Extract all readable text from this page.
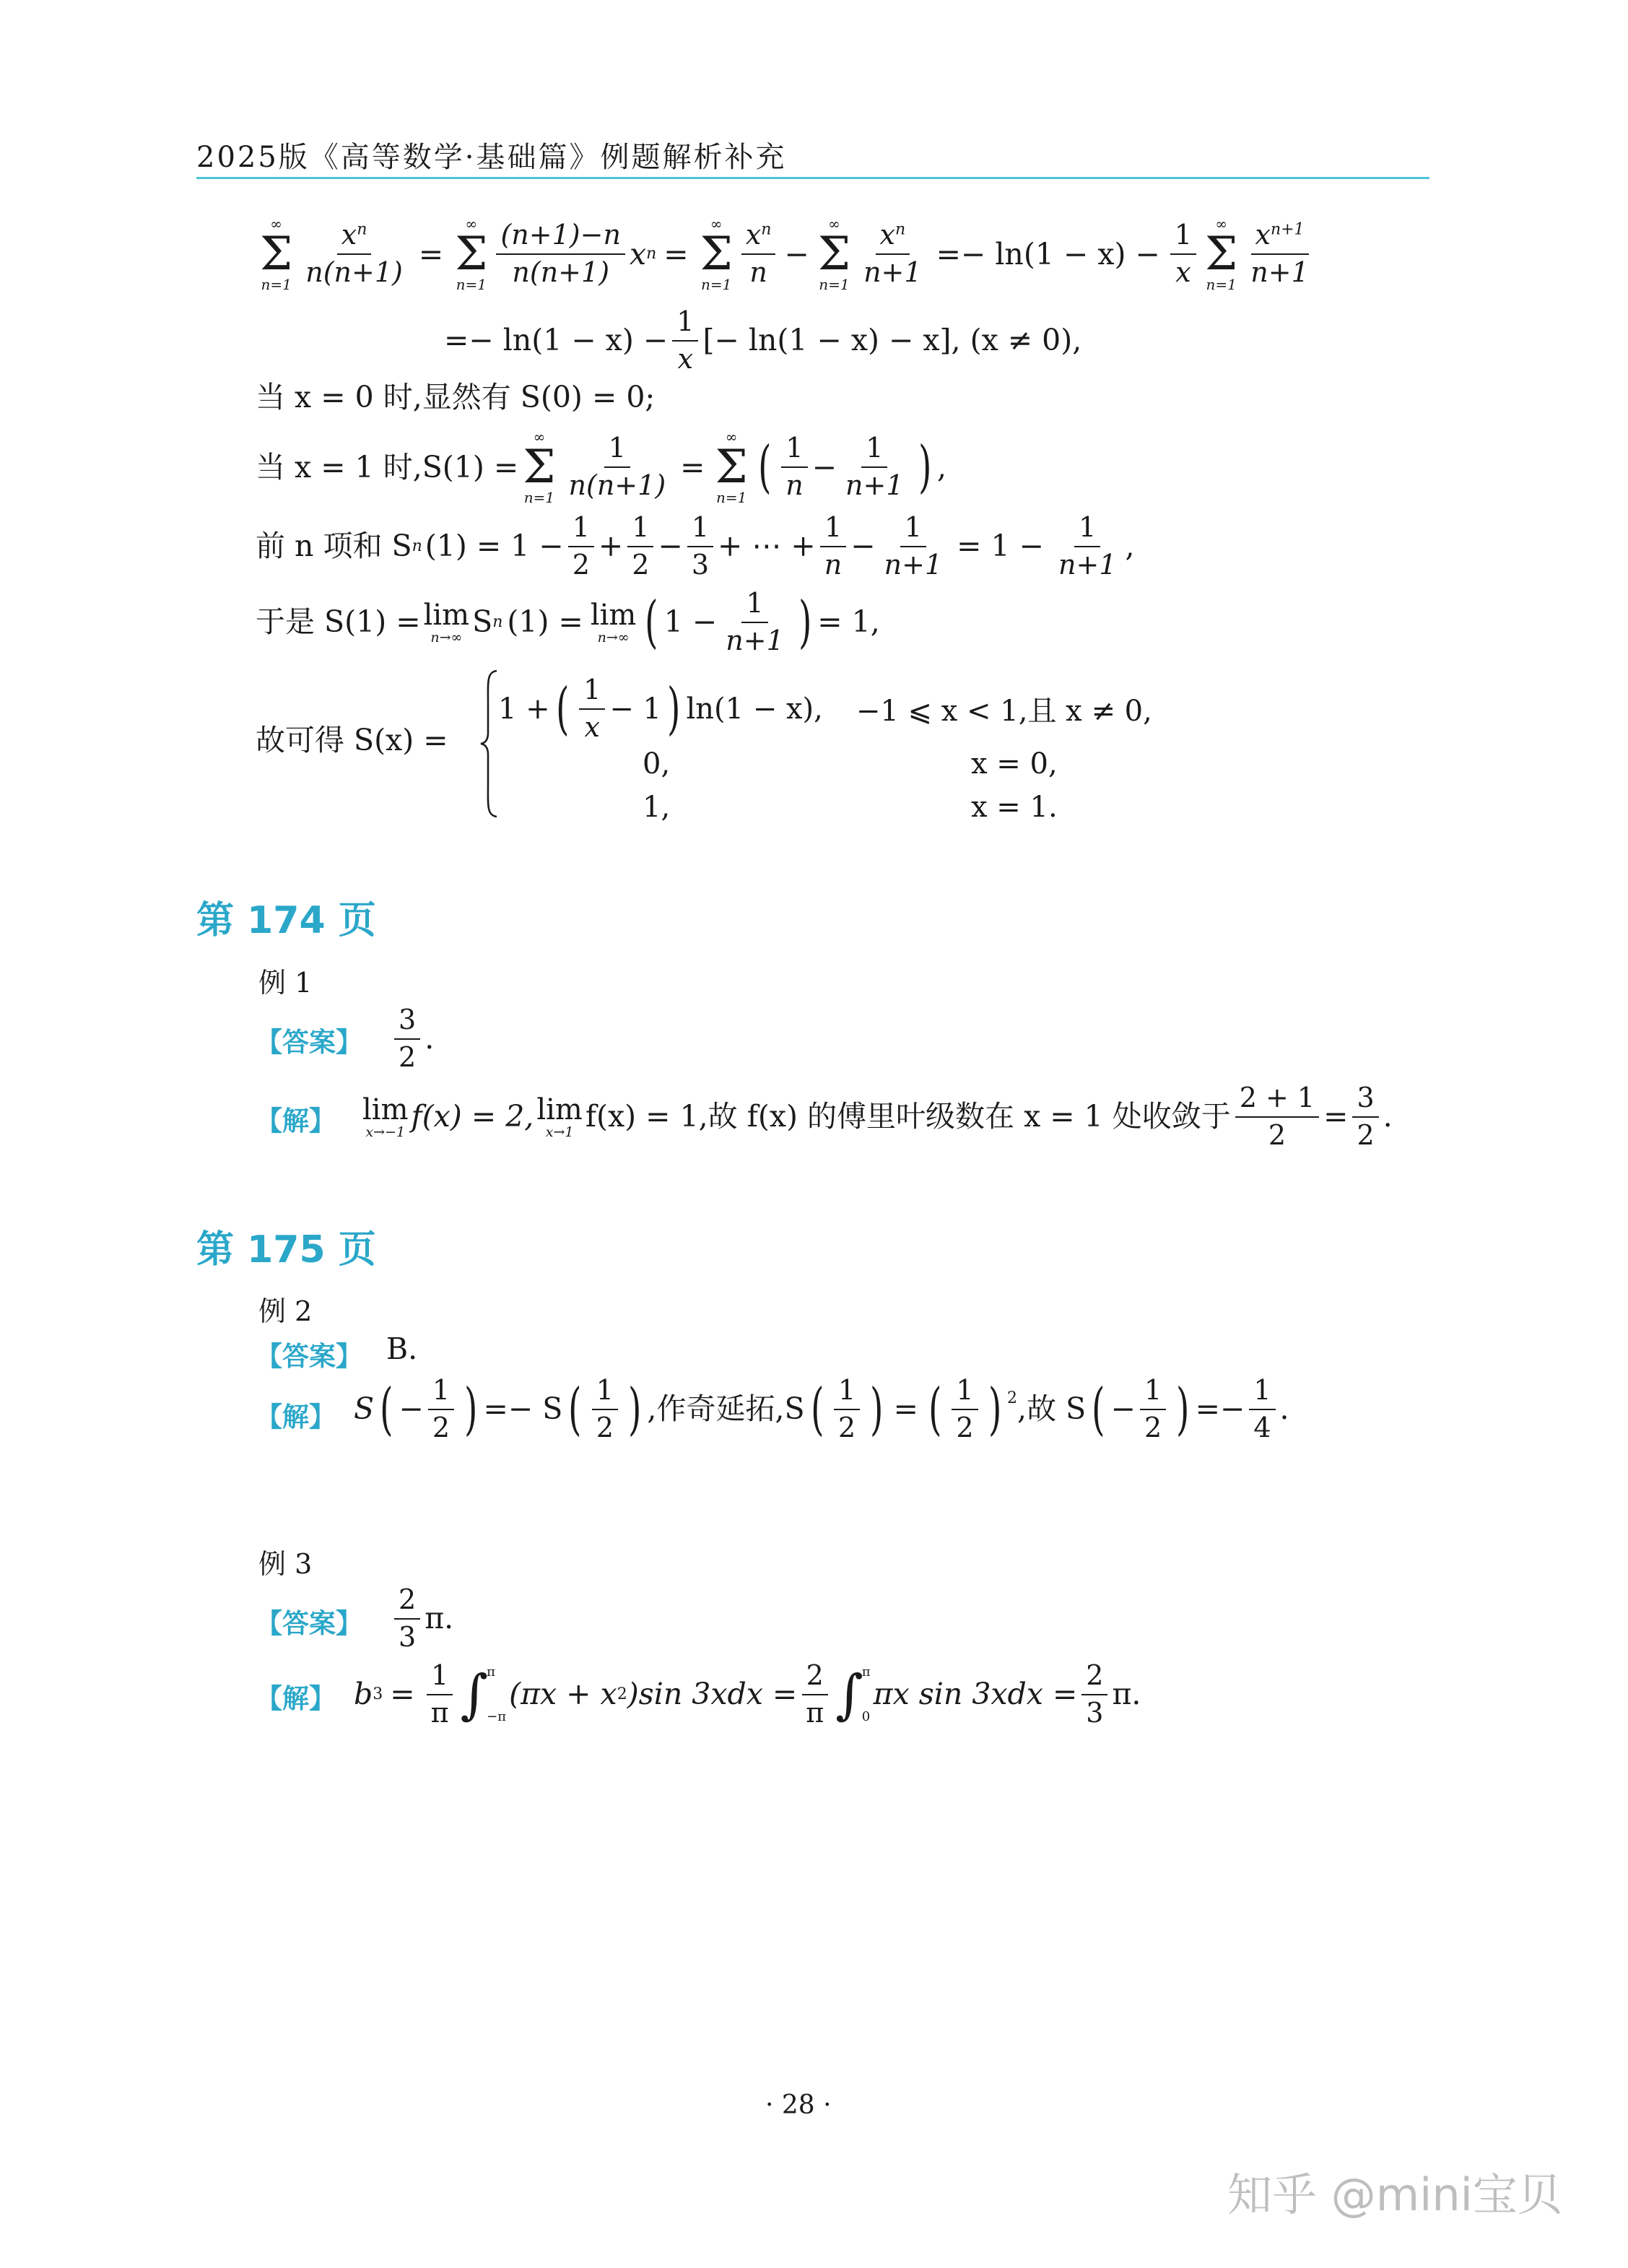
2025版《高等数学·基础篇》例题解析补充
∞
Σ
$n=1 \frac{x^n}{n(n+1)}$ =
∞
Σ
$n=1 \frac{(n+1)-n}{n(n+1)}$ x n =
∞
Σ
$n=1 \frac{x^n}{n}$ −
∞
Σ
$n=1 \frac{x^n}{n+1} =- \ln(1 - x) - \frac{1}{x}$ ∞
Σ
$n=1 \frac{x^{n+1}}{n+1}$
=− $\ln(1 - x) - \frac{1}{x}$ [− ln(1 − x) − x], (x ≠ 0),
当 x = 0 时,显然有 S(0) = 0;
当 x = 1 时,S(1) =
∞
Σ
$n=1 \frac{1}{n(n+1)}$ =
∞
Σ
n=1 ( $\frac{1}{n} - \frac{1}{n+1}$ ) ,
前 n 项和 S n $(1) = 1 - \frac{1}{2} + \frac{1}{2} - \frac{1}{3}$ + ⋯ + $\frac{1}{n} - \frac{1}{n+1} = 1 - \frac{1}{n+1}$ ,
于是 S(1) = lim
n→∞ S n (1) = lim
n→∞ ( $1 - \frac{1}{n+1}$ ) = 1,
故可得 S(x) =
1 + ( $\frac{1}{x} - 1$ ) ln(1 − x), −1 ⩽ x < 1,且 x ≠ 0,
0,	x = 0,
1,	x = 1.
第 174 页
例 1
【答案】 $\frac{3}{2}$ .
【解】 lim
x→−1 f(x) = 2, lim
x→1 f(x) = 1,故 f(x) 的傅里叶级数在 x = 1 处收敛于 $\frac{2 + 1}{2} = \frac{3}{2}$ .
第 175 页
例 2
【答案】 B.
【解】 S ( − $\frac{1}{2}$ ) =− S ( $\frac{1}{2}$ ) ,作奇延拓,S ( $\frac{1}{2}$ ) = ( $\frac{1}{2}$ ) 2 ,故 S ( − $\frac{1}{2}$ ) =− $\frac{1}{4}$ .
例 3
【答案】 $\frac{2}{3} \pi$.
【解】 b $3 = \frac{1}{\pi}$ ∫
π
−π
(πx + x 2 )sin $3xdx = \frac{2}{\pi}$ ∫
π
0
πx $\sin 3xdx = \frac{2}{3} \pi$.
· 28 ·
知乎 @mini宝贝
